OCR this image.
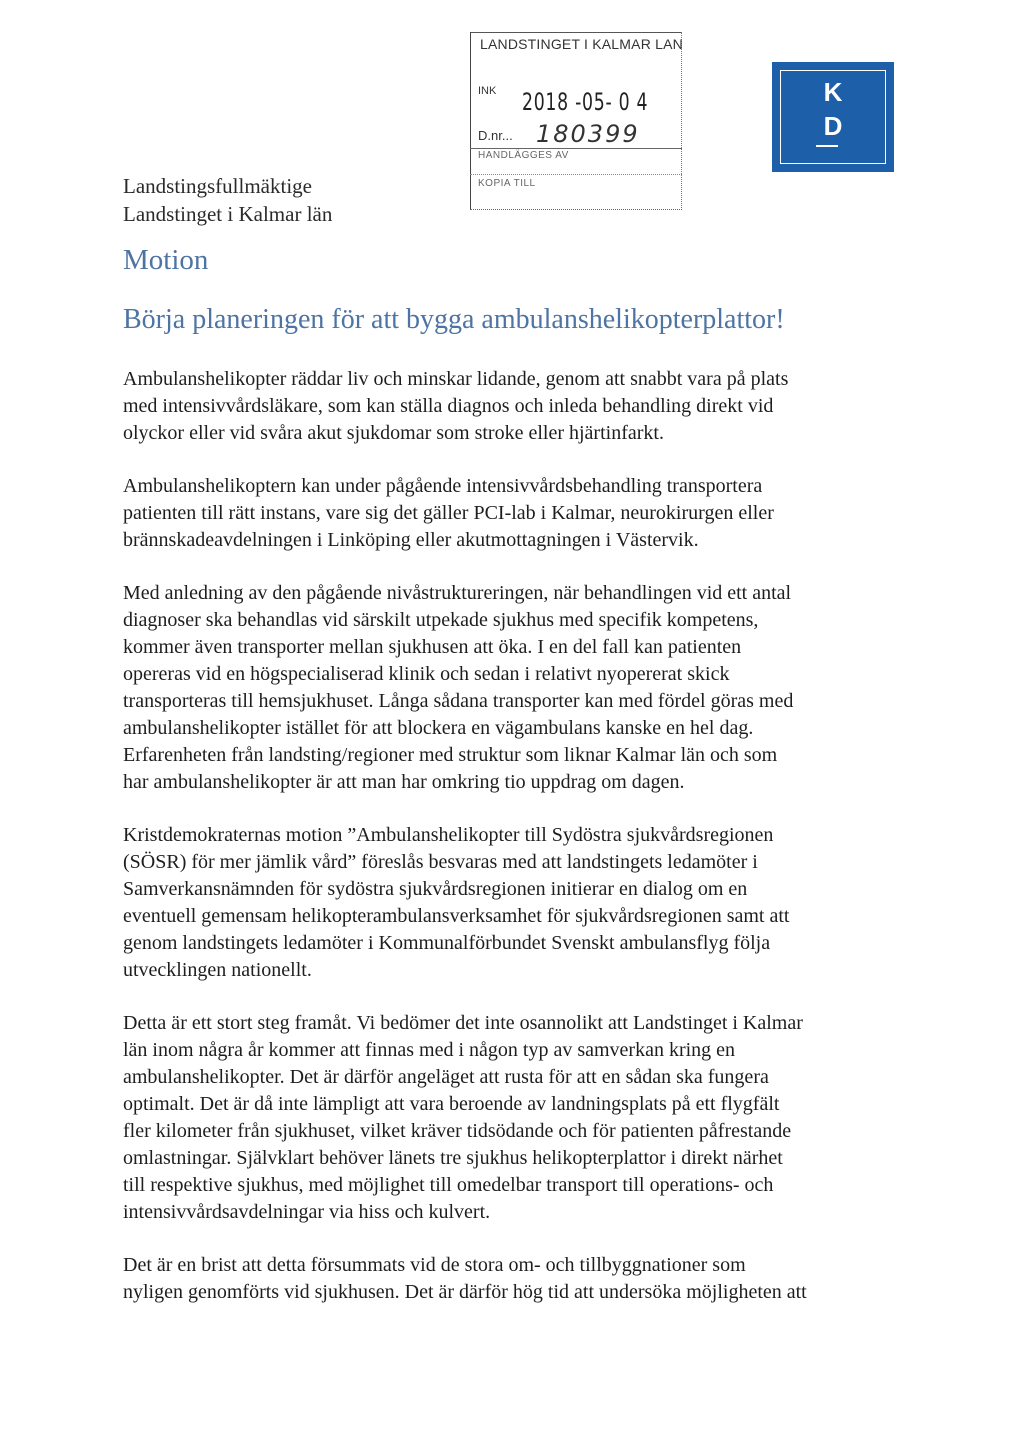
LANDSTINGET I KALMAR LAN
INK 2018 -05- 0 4
D.nr... 180399
HANDLÄGGES AV
KOPIA TILL
K
D
Landstingsfullmäktige
Landstinget i Kalmar län
Motion
Börja planeringen för att bygga ambulanshelikopterplattor!

Ambulanshelikopter räddar liv och minskar lidande, genom att snabbt vara på plats
med intensivvårdsläkare, som kan ställa diagnos och inleda behandling direkt vid
olyckor eller vid svåra akut sjukdomar som stroke eller hjärtinfarkt.

Ambulanshelikoptern kan under pågående intensivvårdsbehandling transportera
patienten till rätt instans, vare sig det gäller PCI-lab i Kalmar, neurokirurgen eller
brännskadeavdelningen i Linköping eller akutmottagningen i Västervik.

Med anledning av den pågående nivåstruktureringen, när behandlingen vid ett antal
diagnoser ska behandlas vid särskilt utpekade sjukhus med specifik kompetens,
kommer även transporter mellan sjukhusen att öka. I en del fall kan patienten
opereras vid en högspecialiserad klinik och sedan i relativt nyopererat skick
transporteras till hemsjukhuset. Långa sådana transporter kan med fördel göras med
ambulanshelikopter istället för att blockera en vägambulans kanske en hel dag.
Erfarenheten från landsting/regioner med struktur som liknar Kalmar län och som
har ambulanshelikopter är att man har omkring tio uppdrag om dagen.

Kristdemokraternas motion ”Ambulanshelikopter till Sydöstra sjukvårdsregionen
(SÖSR) för mer jämlik vård” föreslås besvaras med att landstingets ledamöter i
Samverkansnämnden för sydöstra sjukvårdsregionen initierar en dialog om en
eventuell gemensam helikopterambulansverksamhet för sjukvårdsregionen samt att
genom landstingets ledamöter i Kommunalförbundet Svenskt ambulansflyg följa
utvecklingen nationellt.

Detta är ett stort steg framåt. Vi bedömer det inte osannolikt att Landstinget i Kalmar
län inom några år kommer att finnas med i någon typ av samverkan kring en
ambulanshelikopter. Det är därför angeläget att rusta för att en sådan ska fungera
optimalt. Det är då inte lämpligt att vara beroende av landningsplats på ett flygfält
fler kilometer från sjukhuset, vilket kräver tidsödande och för patienten påfrestande
omlastningar. Självklart behöver länets tre sjukhus helikopterplattor i direkt närhet
till respektive sjukhus, med möjlighet till omedelbar transport till operations- och
intensivvårdsavdelningar via hiss och kulvert.

Det är en brist att detta försummats vid de stora om- och tillbyggnationer som
nyligen genomförts vid sjukhusen. Det är därför hög tid att undersöka möjligheten att
